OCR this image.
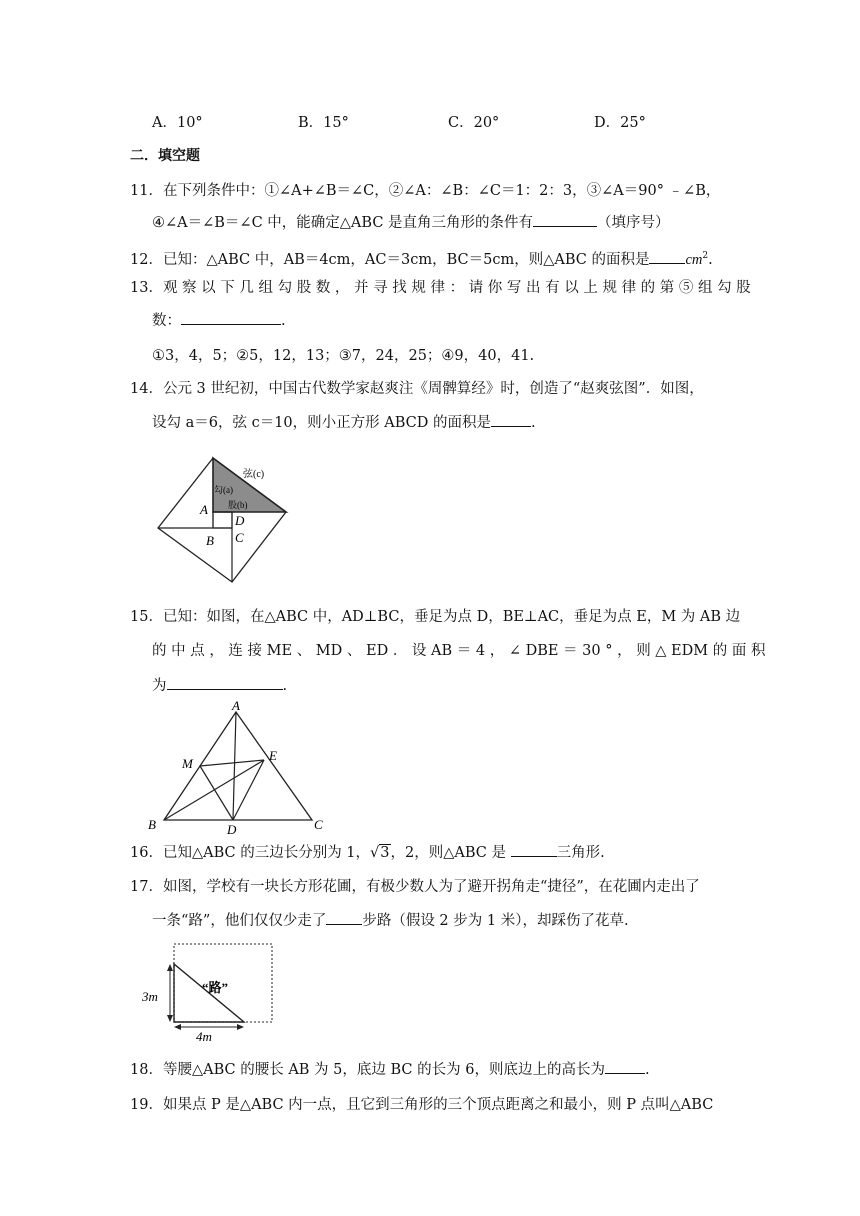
A．10°	B．15°	C．20°	D．25°
二．填空题
11．在下列条件中：①∠A+∠B＝∠C，②∠A：∠B：∠C＝1：2：3，③∠A＝90° ﹣∠B，
④∠A＝∠B＝∠C 中，能确定△ABC 是直角三角形的条件有	（填序号）
12．已知：△ABC 中，AB＝4cm，AC＝3cm，BC＝5cm，则△ABC 的面积是 $cm^2$.
13．观 察 以 下 几 组 勾 股 数 ， 并 寻 找 规 律 ： 请 你 写 出 有 以 上 规 律 的 第 ⑤ 组 勾 股
数：	.
①3，4，5；②5，12，13；③7，24，25；④9，40，41.
14．公元 3 世纪初，中国古代数学家赵爽注《周髀算经》时，创造了“赵爽弦图”．如图，
设勾 a＝6，弦 c＝10，则小正方形 ABCD 的面积是	.
弦(c)
勾(a)
股(b)
A
D
B C
15．已知：如图，在△ABC 中，AD⊥BC，垂足为点 D，BE⊥AC，垂足为点 E，M 为 AB 边
的 中 点 ， 连 接 ME 、 MD 、 ED ． 设 AB ＝ 4 ， ∠ DBE ＝ 30 ° ， 则 △ EDM 的 面 积
为	.
A
M
E
B	D	C
16．已知△ABC 的三边长分别为 1，√3，2，则△ABC 是	三角形.
17．如图，学校有一块长方形花圃，有极少数人为了避开拐角走“捷径”，在花圃内走出了
一条“路”，他们仅仅少走了 步路（假设 2 步为 1 米），却踩伤了花草.
“路”
3m
4m
18．等腰△ABC 的腰长 AB 为 5，底边 BC 的长为 6，则底边上的高长为	.
19．如果点 P 是△ABC 内一点，且它到三角形的三个顶点距离之和最小，则 P 点叫△ABC
